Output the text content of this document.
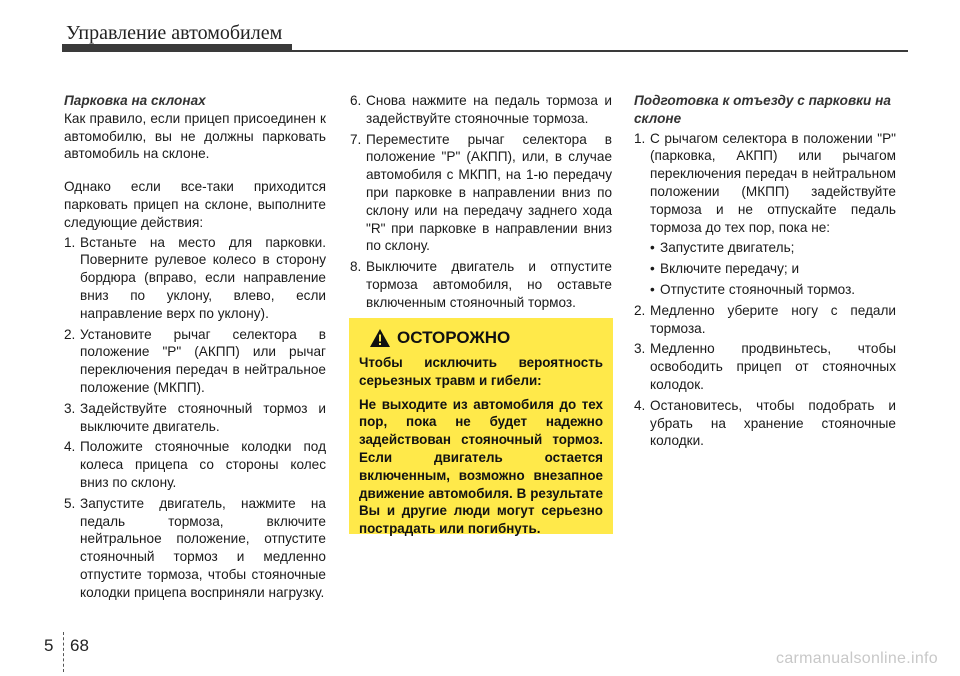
Управление автомобилем

Парковка на склонах

Как правило, если прицеп присоединен к автомобилю, вы не должны парковать автомобиль на склоне.

Однако если все-таки приходится парковать прицеп на склоне, выполните следующие действия:

1. Встаньте на место для парковки. Поверните рулевое колесо в сторону бордюра (вправо, если направление вниз по уклону, влево, если направление верх по уклону).
2. Установите рычаг селектора в положение "P" (АКПП) или рычаг переключения передач в нейтральное положение (МКПП).
3. Задействуйте стояночный тормоз и выключите двигатель.
4. Положите стояночные колодки под колеса прицепа со стороны колес вниз по склону.
5. Запустите двигатель, нажмите на педаль тормоза, включите нейтральное положение, отпустите стояночный тормоз и медленно отпустите тормоза, чтобы стояночные колодки прицепа восприняли нагрузку.
6. Снова нажмите на педаль тормоза и задействуйте стояночные тормоза.
7. Переместите рычаг селектора в положение "P" (АКПП), или, в случае автомобиля с МКПП, на 1-ю передачу при парковке в направлении вниз по склону или на передачу заднего хода "R" при парковке в направлении вниз по склону.
8. Выключите двигатель и отпустите тормоза автомобиля, но оставьте включенным стояночный тормоз.
ОСТОРОЖНО

Чтобы исключить вероятность серьезных травм и гибели:

Не выходите из автомобиля до тех пор, пока не будет надежно задействован стояночный тормоз. Если двигатель остается включенным, возможно внезапное движение автомобиля. В результате Вы и другие люди могут серьезно пострадать или погибнуть.

Подготовка к отъезду с парковки на склоне

1. С рычагом селектора в положении "P" (парковка, АКПП) или рычагом переключения передач в нейтральном положении (МКПП) задействуйте тормоза и не отпускайте педаль тормоза до тех пор, пока не:
• Запустите двигатель;
• Включите передачу; и
• Отпустите стояночный тормоз.
2. Медленно уберите ногу с педали тормоза.
3. Медленно продвиньтесь, чтобы освободить прицеп от стояночных колодок.
4. Остановитесь, чтобы подобрать и убрать на хранение стояночные колодки.
5 68
carmanualsonline.info
